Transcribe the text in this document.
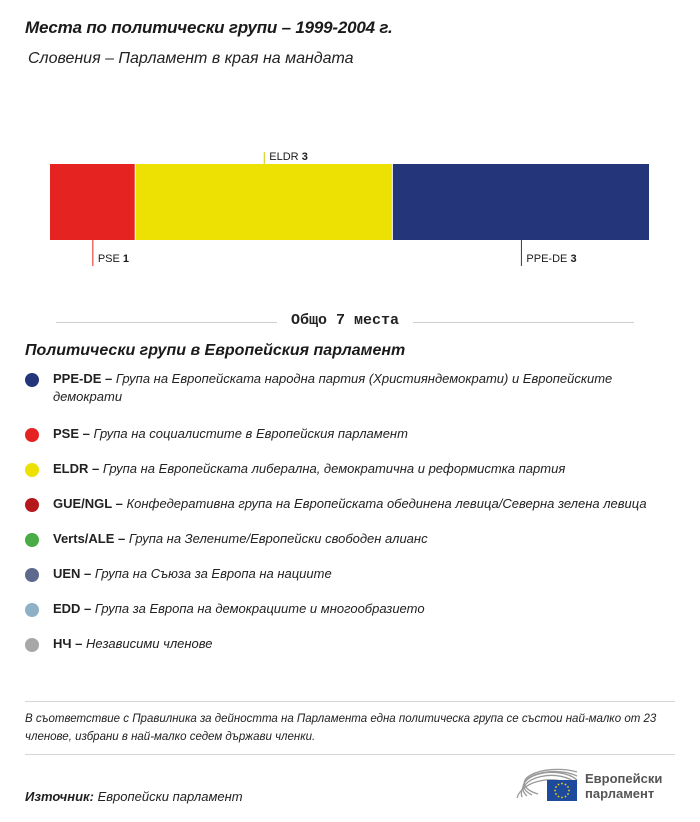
Места по политически групи – 1999-2004 г.
Словения – Парламент в края на мандата
PSE 1
ELDR 3
PPE-DE 3
Общо 7 места
Политически групи в Европейския парламент
PPE-DE – Група на Европейската народна партия (Християндемократи) и Европейските демократи
PSE – Група на социалистите в Европейския парламент
ELDR – Група на Европейската либерална, демократична и реформистка партия
GUE/NGL – Конфедеративна група на Европейската обединена левица/Северна зелена левица
Verts/ALE – Група на Зелените/Европейски свободен алианс
UEN – Група на Съюза за Европа на нациите
EDD – Група за Европа на демокрациите и многообразието
НЧ – Независими членове
В съответствие с Правилника за дейността на Парламента една политическа група се състои най-малко от 23 членове, избрани в най-малко седем държави членки.
Източник: Европейски парламент
Европейски
парламент
